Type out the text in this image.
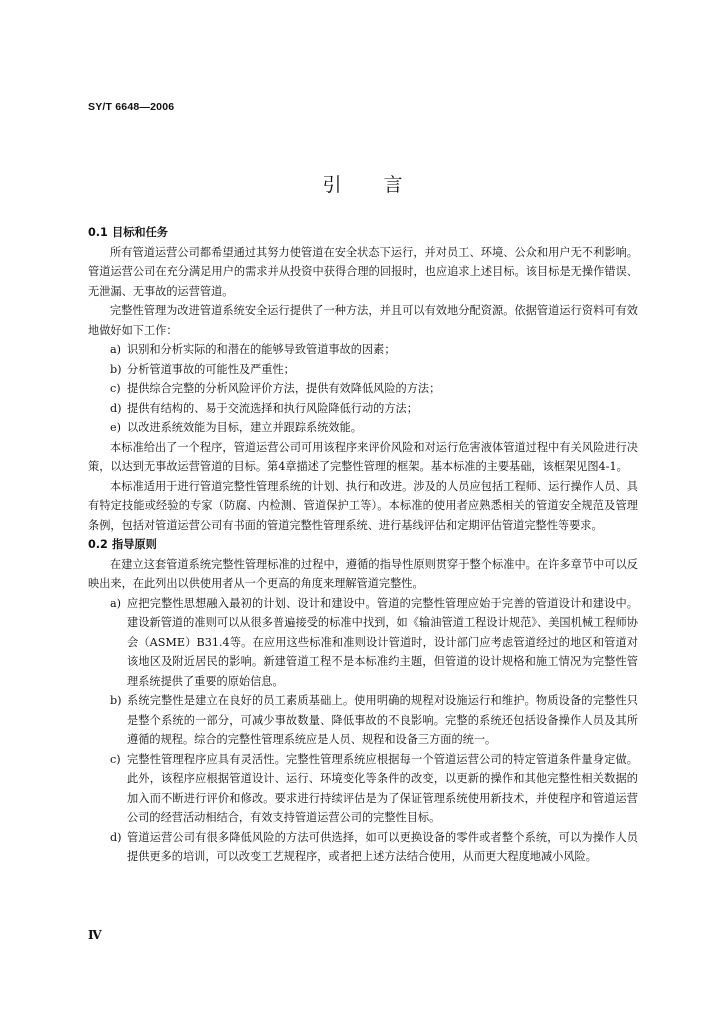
SY/T 6648—2006
引 言
0.1 目标和任务

所有管道运营公司都希望通过其努力使管道在安全状态下运行，并对员工、环境、公众和用户无不利影响。管道运营公司在充分满足用户的需求并从投资中获得合理的回报时，也应追求上述目标。该目标是无操作错误、无泄漏、无事故的运营管道。

完整性管理为改进管道系统安全运行提供了一种方法，并且可以有效地分配资源。依据管道运行资料可有效地做好如下工作：

a) 识别和分析实际的和潜在的能够导致管道事故的因素；

b) 分析管道事故的可能性及严重性；

c) 提供综合完整的分析风险评价方法，提供有效降低风险的方法；

d) 提供有结构的、易于交流选择和执行风险降低行动的方法；

e) 以改进系统效能为目标，建立并跟踪系统效能。

本标准给出了一个程序，管道运营公司可用该程序来评价风险和对运行危害液体管道过程中有关风险进行决策，以达到无事故运营管道的目标。第4章描述了完整性管理的框架。基本标准的主要基础，该框架见图4-1。

本标准适用于进行管道完整性管理系统的计划、执行和改进。涉及的人员应包括工程师、运行操作人员、具有特定技能或经验的专家（防腐、内检测、管道保护工等）。本标准的使用者应熟悉相关的管道安全规范及管理条例，包括对管道运营公司有书面的管道完整性管理系统、进行基线评估和定期评估管道完整性等要求。

0.2 指导原则

在建立这套管道系统完整性管理标准的过程中，遵循的指导性原则贯穿于整个标准中。在许多章节中可以反映出来，在此列出以供使用者从一个更高的角度来理解管道完整性。

a) 应把完整性思想融入最初的计划、设计和建设中。管道的完整性管理应始于完善的管道设计和建设中。建设新管道的准则可以从很多普遍接受的标准中找到，如《输油管道工程设计规范》、美国机械工程师协会（ASME）B31.4等。在应用这些标准和准则设计管道时，设计部门应考虑管道经过的地区和管道对该地区及附近居民的影响。新建管道工程不是本标准约主题，但管道的设计规格和施工情况为完整性管理系统提供了重要的原始信息。
b) 系统完整性是建立在良好的员工素质基础上。使用明确的规程对设施运行和维护。物质设备的完整性只是整个系统的一部分，可减少事故数量、降低事故的不良影响。完整的系统还包括设备操作人员及其所遵循的规程。综合的完整性管理系统应是人员、规程和设备三方面的统一。
c) 完整性管理程序应具有灵活性。完整性管理系统应根据每一个管道运营公司的特定管道条件量身定做。此外，该程序应根据管道设计、运行、环境变化等条件的改变，以更新的操作和其他完整性相关数据的加入而不断进行评价和修改。要求进行持续评估是为了保证管理系统使用新技术，并使程序和管道运营公司的经营活动相结合，有效支持管道运营公司的完整性目标。
d) 管道运营公司有很多降低风险的方法可供选择，如可以更换设备的零件或者整个系统，可以为操作人员提供更多的培训，可以改变工艺规程序，或者把上述方法结合使用，从而更大程度地减小风险。
Ⅳ
